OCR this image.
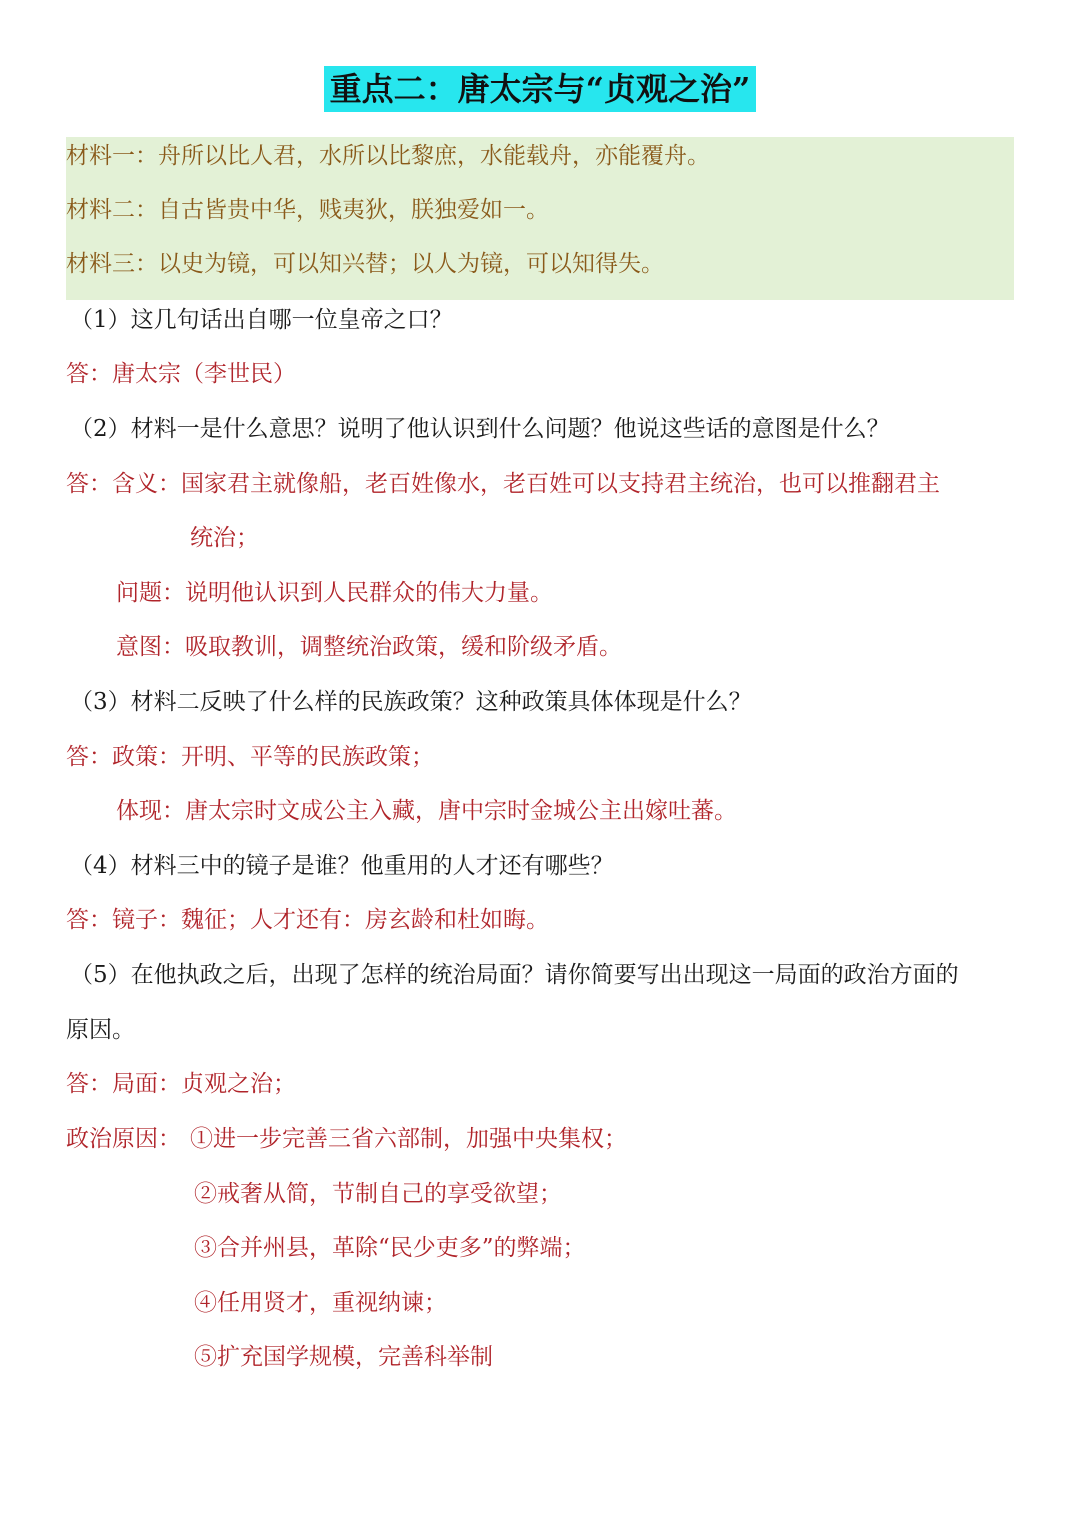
重点二：唐太宗与“贞观之治”
材料一：舟所以比人君，水所以比黎庶，水能载舟，亦能覆舟。
材料二：自古皆贵中华，贱夷狄，朕独爱如一。
材料三：以史为镜，可以知兴替；以人为镜，可以知得失。
（1）这几句话出自哪一位皇帝之口？
答：唐太宗（李世民）
（2）材料一是什么意思？说明了他认识到什么问题？他说这些话的意图是什么？
答：含义：国家君主就像船，老百姓像水，老百姓可以支持君主统治，也可以推翻君主
统治；
问题：说明他认识到人民群众的伟大力量。
意图：吸取教训，调整统治政策，缓和阶级矛盾。
（3）材料二反映了什么样的民族政策？这种政策具体体现是什么？
答：政策：开明、平等的民族政策；
体现：唐太宗时文成公主入藏，唐中宗时金城公主出嫁吐蕃。
（4）材料三中的镜子是谁？他重用的人才还有哪些？
答：镜子：魏征；人才还有：房玄龄和杜如晦。
（5）在他执政之后，出现了怎样的统治局面？请你简要写出出现这一局面的政治方面的
原因。
答：局面：贞观之治；
政治原因： ①进一步完善三省六部制，加强中央集权；
②戒奢从简，节制自己的享受欲望；
③合并州县，革除“民少吏多”的弊端；
④任用贤才，重视纳谏；
⑤扩充国学规模，完善科举制
